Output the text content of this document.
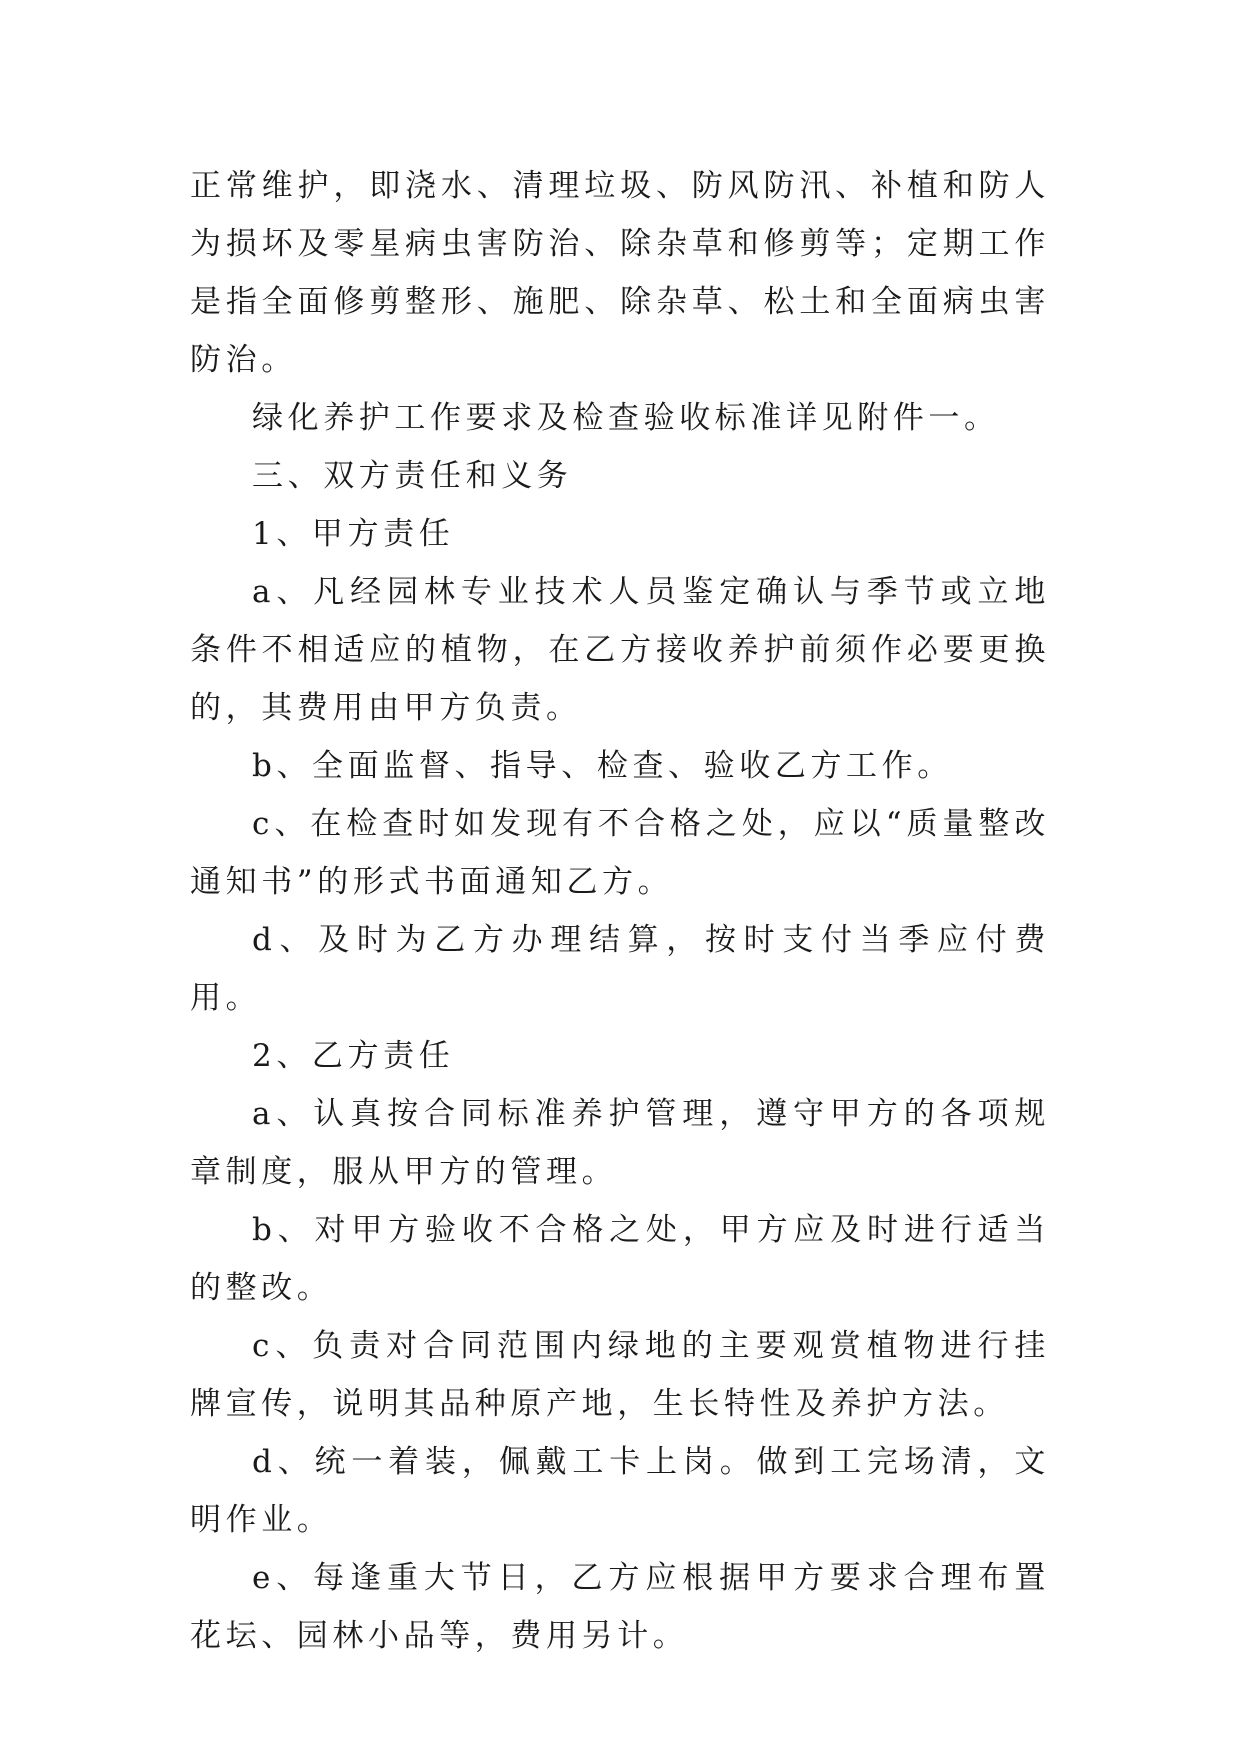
正常维护，即浇水、清理垃圾、防风防汛、补植和防人为损坏及零星病虫害防治、除杂草和修剪等；定期工作是指全面修剪整形、施肥、除杂草、松土和全面病虫害防治。

绿化养护工作要求及检查验收标准详见附件一。

三、双方责任和义务

1、甲方责任

a、凡经园林专业技术人员鉴定确认与季节或立地条件不相适应的植物，在乙方接收养护前须作必要更换的，其费用由甲方负责。

b、全面监督、指导、检查、验收乙方工作。

c、在检查时如发现有不合格之处，应以“质量整改通知书”的形式书面通知乙方。

d、及时为乙方办理结算，按时支付当季应付费用。

2、乙方责任

a、认真按合同标准养护管理，遵守甲方的各项规章制度，服从甲方的管理。

b、对甲方验收不合格之处，甲方应及时进行适当的整改。

c、负责对合同范围内绿地的主要观赏植物进行挂牌宣传，说明其品种原产地，生长特性及养护方法。

d、统一着装，佩戴工卡上岗。做到工完场清，文明作业。

e、每逢重大节日，乙方应根据甲方要求合理布置花坛、园林小品等，费用另计。
